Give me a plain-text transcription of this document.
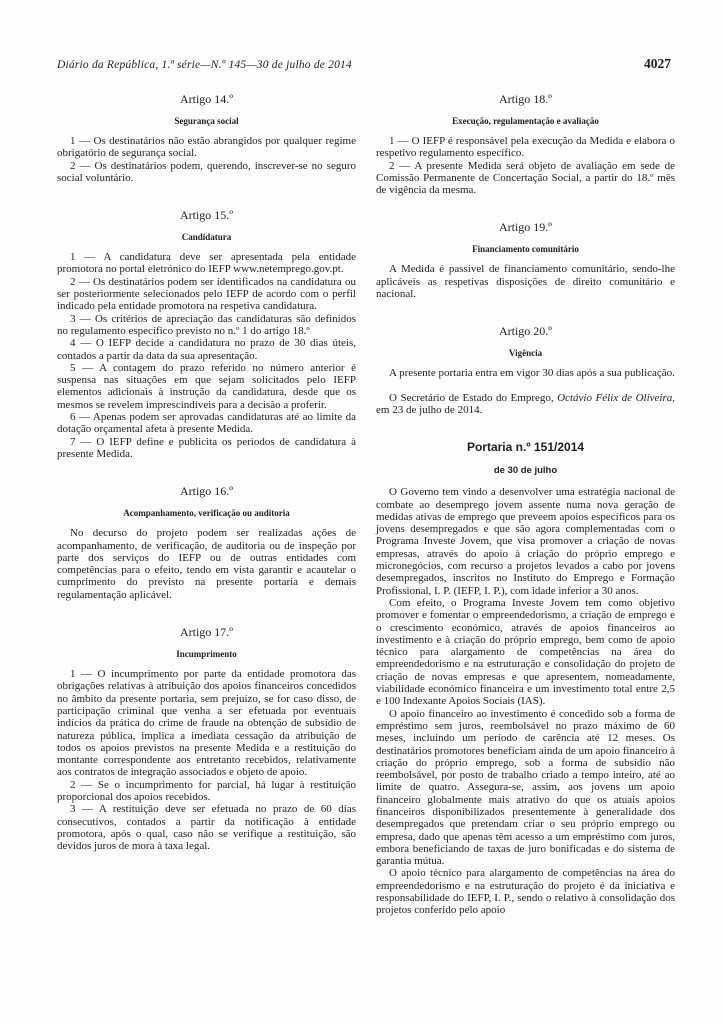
Diário da República, 1.ª série—N.º 145—30 de julho de 2014	4027
Artigo 14.º
Segurança social

1 — Os destinatários não estão abrangidos por qualquer regime obrigatório de segurança social.

2 — Os destinatários podem, querendo, inscrever-se no seguro social voluntário.

Artigo 15.º
Candidatura

1 — A candidatura deve ser apresentada pela entidade promotora no portal eletrónico do IEFP www.netemprego.gov.pt.

2 — Os destinatários podem ser identificados na candidatura ou ser posteriormente selecionados pelo IEFP de acordo com o perfil indicado pela entidade promotora na respetiva candidatura.

3 — Os critérios de apreciação das candidaturas são definidos no regulamento específico previsto no n.º 1 do artigo 18.º

4 — O IEFP decide a candidatura no prazo de 30 dias úteis, contados a partir da data da sua apresentação.

5 — A contagem do prazo referido no número anterior é suspensa nas situações em que sejam solicitados pelo IEFP elementos adicionais à instrução da candidatura, desde que os mesmos se revelem imprescindíveis para a decisão a proferir.

6 — Apenas podem ser aprovadas candidaturas até ao limite da dotação orçamental afeta à presente Medida.

7 — O IEFP define e publicita os períodos de candidatura à presente Medida.

Artigo 16.º
Acompanhamento, verificação ou auditoria

No decurso do projeto podem ser realizadas ações de acompanhamento, de verificação, de auditoria ou de inspeção por parte dos serviços do IEFP ou de outras entidades com competências para o efeito, tendo em vista garantir e acautelar o cumprimento do previsto na presente portaria e demais regulamentação aplicável.

Artigo 17.º
Incumprimento

1 — O incumprimento por parte da entidade promotora das obrigações relativas à atribuição dos apoios financeiros concedidos no âmbito da presente portaria, sem prejuízo, se for caso disso, de participação criminal que venha a ser efetuada por eventuais indícios da prática do crime de fraude na obtenção de subsídio de natureza pública, implica a imediata cessação da atribuição de todos os apoios previstos na presente Medida e a restituição do montante correspondente aos entretanto recebidos, relativamente aos contratos de integração associados e objeto de apoio.

2 — Se o incumprimento for parcial, há lugar à restituição proporcional dos apoios recebidos.

3 — A restituição deve ser efetuada no prazo de 60 dias consecutivos, contados a partir da notificação à entidade promotora, após o qual, caso não se verifique a restituição, são devidos juros de mora à taxa legal.

Artigo 18.º
Execução, regulamentação e avaliação

1 — O IEFP é responsável pela execução da Medida e elabora o respetivo regulamento específico.

2 — A presente Medida será objeto de avaliação em sede de Comissão Permanente de Concertação Social, a partir do 18.º mês de vigência da mesma.

Artigo 19.º
Financiamento comunitário

A Medida é passível de financiamento comunitário, sendo-lhe aplicáveis as respetivas disposições de direito comunitário e nacional.

Artigo 20.º
Vigência

A presente portaria entra em vigor 30 dias após a sua publicação.

O Secretário de Estado do Emprego, Octávio Félix de Oliveira, em 23 de julho de 2014.

Portaria n.º 151/2014
de 30 de julho

O Governo tem vindo a desenvolver uma estratégia nacional de combate ao desemprego jovem assente numa nova geração de medidas ativas de emprego que preveem apoios específicos para os jovens desempregados e que são agora complementadas com o Programa Investe Jovem, que visa promover a criação de novas empresas, através do apoio à criação do próprio emprego e micronegócios, com recurso a projetos levados a cabo por jovens desempregados, inscritos no Instituto do Emprego e Formação Profissional, I. P. (IEFP, I. P.), com idade inferior a 30 anos.

Com efeito, o Programa Investe Jovem tem como objetivo promover e fomentar o empreendedorismo, a criação de emprego e o crescimento económico, através de apoios financeiros ao investimento e à criação do próprio emprego, bem como de apoio técnico para alargamento de competências na área do empreendedorismo e na estruturação e consolidação do projeto de criação de novas empresas e que apresentem, nomeadamente, viabilidade económico financeira e um investimento total entre 2,5 e 100 Indexante Apoios Sociais (IAS).

O apoio financeiro ao investimento é concedido sob a forma de empréstimo sem juros, reembolsável no prazo máximo de 60 meses, incluindo um período de carência até 12 meses. Os destinatários promotores beneficiam ainda de um apoio financeiro à criação do próprio emprego, sob a forma de subsídio não reembolsável, por posto de trabalho criado a tempo inteiro, até ao limite de quatro. Assegura-se, assim, aos jovens um apoio financeiro globalmente mais atrativo do que os atuais apoios financeiros disponibilizados presentemente à generalidade dos desempregados que pretendam criar o seu próprio emprego ou empresa, dado que apenas têm acesso a um empréstimo com juros, embora beneficiando de taxas de juro bonificadas e do sistema de garantia mútua.

O apoio técnico para alargamento de competências na área do empreendedorismo e na estruturação do projeto é da iniciativa e responsabilidade do IEFP, I. P., sendo o relativo à consolidação dos projetos conferido pelo apoio
